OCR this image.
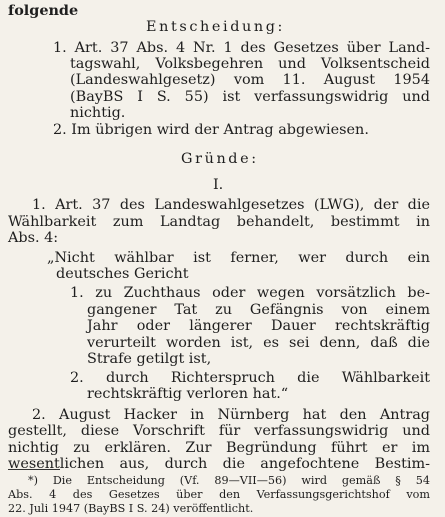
folgende
Entscheidung:
1. Art. 37 Abs. 4 Nr. 1 des Gesetzes über Land-
tagswahl, Volksbegehren und Volksentscheid
(Landeswahlgesetz) vom 11. August 1954
(BayBS I S. 55) ist verfassungswidrig und
nichtig.
2. Im übrigen wird der Antrag abgewiesen.
Gründe:
I.
1. Art. 37 des Landeswahlgesetzes (LWG), der die
Wählbarkeit zum Landtag behandelt, bestimmt in
Abs. 4:
„Nicht wählbar ist ferner, wer durch ein
deutsches Gericht
1. zu Zuchthaus oder wegen vorsätzlich be-
gangener Tat zu Gefängnis von einem
Jahr oder längerer Dauer rechtskräftig
verurteilt worden ist, es sei denn, daß die
Strafe getilgt ist,
2. durch Richterspruch die Wählbarkeit
rechtskräftig verloren hat.“
2. August Hacker in Nürnberg hat den Antrag
gestellt, diese Vorschrift für verfassungswidrig und
nichtig zu erklären. Zur Begründung führt er im
wesentlichen aus, durch die angefochtene Bestim-
*) Die Entscheidung (Vf. 89—VII—56) wird gemäß § 54
Abs. 4 des Gesetzes über den Verfassungsgerichtshof vom
22. Juli 1947 (BayBS I S. 24) veröffentlicht.
